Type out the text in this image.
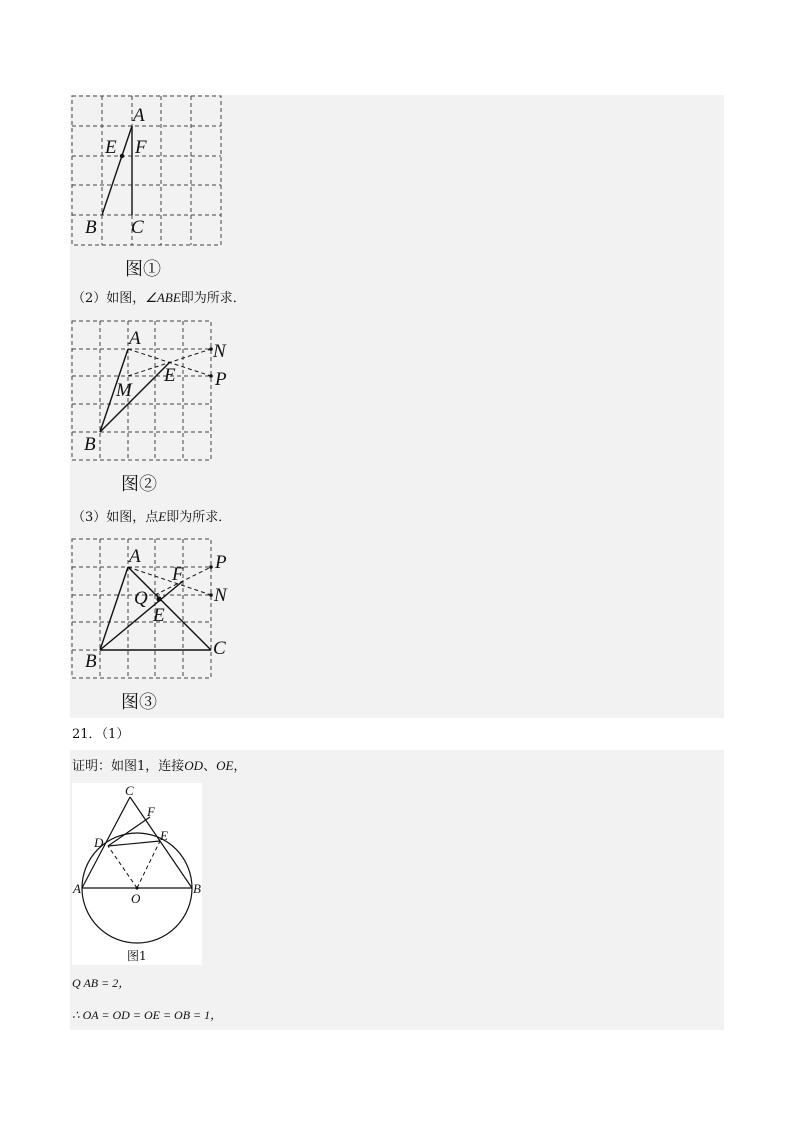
A
E F
B C
图①
（2）如图，∠ABE即为所求．
A
N
E P
M
B
图②
（3）如图，点E即为所求．
A	P
F
N
Q
E
B
C
图③
21．（1）
证明：如图1，连接OD、OE，
C
F
D	E
A
O
B
图1
Q AB = 2，
∴ OA = OD = OE = OB = 1，
